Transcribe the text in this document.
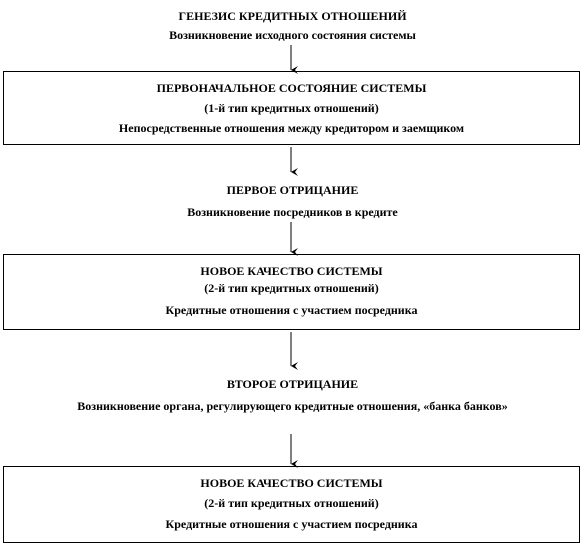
ГЕНЕЗИС КРЕДИТНЫХ ОТНОШЕНИЙ
Возникновение исходного состояния системы
ПЕРВОНАЧАЛЬНОЕ СОСТОЯНИЕ СИСТЕМЫ
(1-й тип кредитных отношений)
Непосредственные отношения между кредитором и заемщиком
ПЕРВОЕ ОТРИЦАНИЕ
Возникновение посредников в кредите
НОВОЕ КАЧЕСТВО СИСТЕМЫ
(2-й тип кредитных отношений)
Кредитные отношения с участием посредника
ВТОРОЕ ОТРИЦАНИЕ
Возникновение органа, регулирующего кредитные отношения, «банка банков»
НОВОЕ КАЧЕСТВО СИСТЕМЫ
(2-й тип кредитных отношений)
Кредитные отношения с участием посредника
